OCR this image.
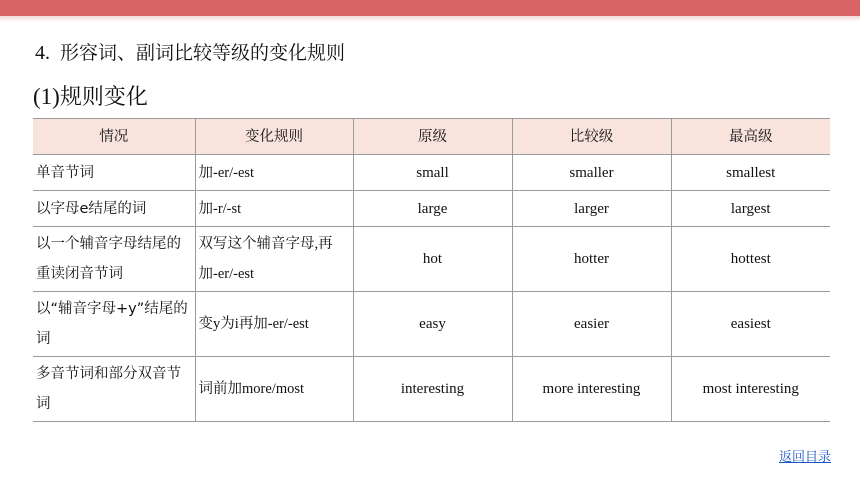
4. 形容词、副词比较等级的变化规则
(1)规则变化
情况	变化规则	原级	比较级	最高级
单音节词	加-er/-est	small	smaller	smallest
以字母e结尾的词	加-r/-st	large	larger	largest
以一个辅音字母结尾的重读闭音节词	双写这个辅音字母,再加-er/-est	hot	hotter	hottest
以“辅音字母+y”结尾的词	变y为i再加-er/-est	easy	easier	easiest
多音节词和部分双音节词	词前加more/most	interesting	more interesting	most interesting
返回目录
